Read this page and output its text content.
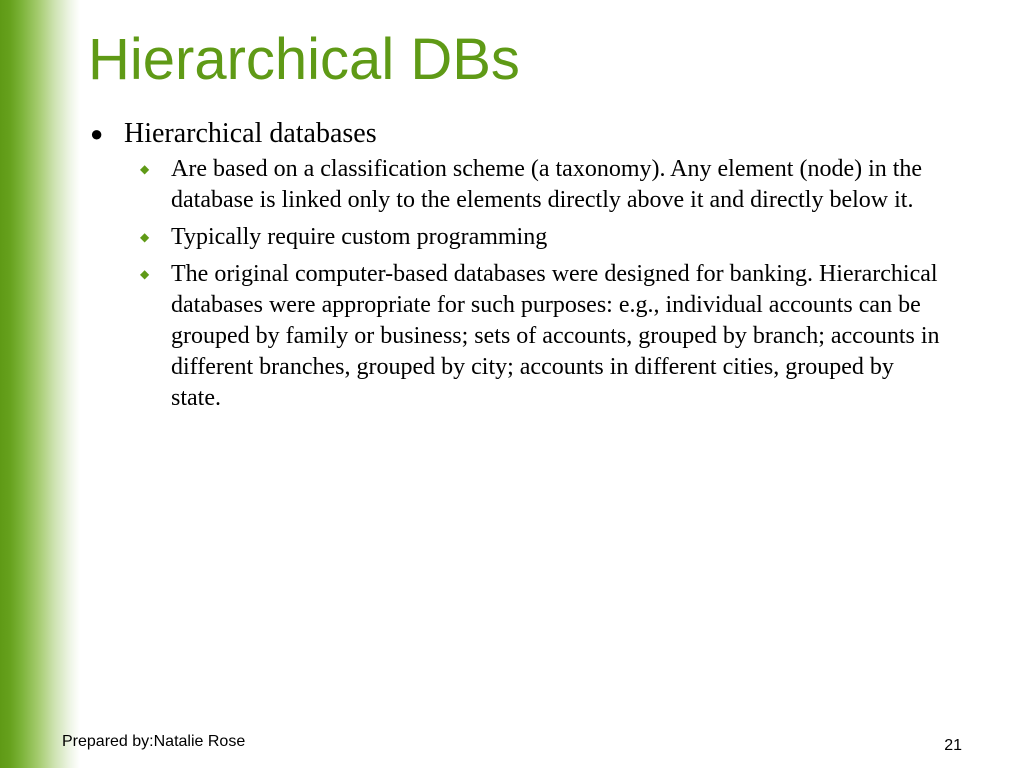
Hierarchical DBs
● Hierarchical databases
◆ Are based on a classification scheme (a taxonomy). Any element (node) in the database is linked only to the elements directly above it and directly below it.
◆ Typically require custom programming
◆ The original computer-based databases were designed for banking. Hierarchical databases were appropriate for such purposes: e.g., individual accounts can be grouped by family or business; sets of accounts, grouped by branch; accounts in different branches, grouped by city; accounts in different cities, grouped by state.
Prepared by:Natalie Rose	21
